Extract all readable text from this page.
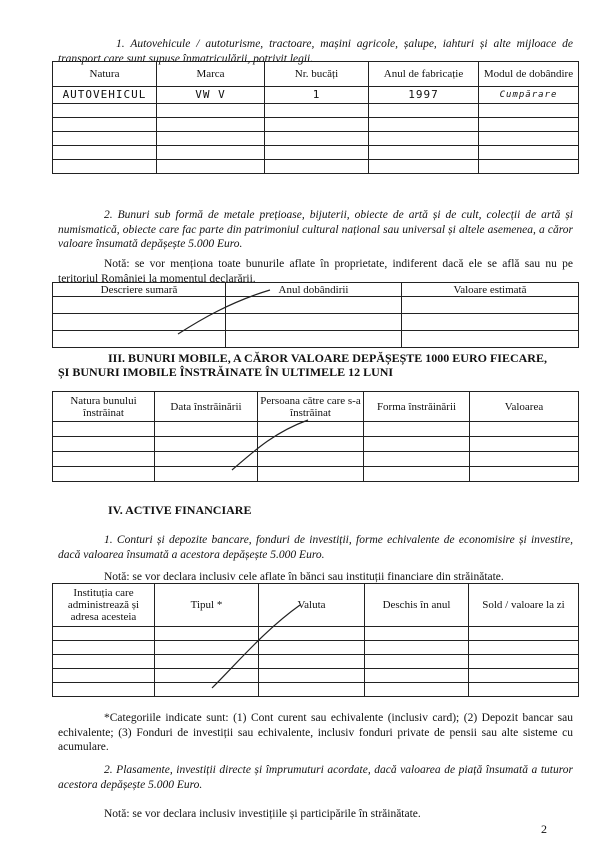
1. Autovehicule / autoturisme, tractoare, mașini agricole, șalupe, iahturi și alte mijloace de transport care sunt supuse înmatriculării, potrivit legii.
Natura	Marca	Nr. bucăți	Anul de fabricație	Modul de dobândire
AUTOVEHICUL	VW V	1	1997	Cumpărare

2. Bunuri sub formă de metale prețioase, bijuterii, obiecte de artă și de cult, colecții de artă și numismatică, obiecte care fac parte din patrimoniul cultural național sau universal și altele asemenea, a căror valoare însumată depășește 5.000 Euro.
Notă: se vor menționa toate bunurile aflate în proprietate, indiferent dacă ele se află sau nu pe teritoriul României la momentul declarării.
Descriere sumară	Anul dobândirii	Valoare estimată

III. BUNURI MOBILE, A CĂROR VALOARE DEPĂȘEȘTE 1000 EURO FIECARE,
ȘI BUNURI IMOBILE ÎNSTRĂINATE ÎN ULTIMELE 12 LUNI
Natura bunului înstrăinat	Data înstrăinării	Persoana către care s-a înstrăinat	Forma înstrăinării	Valoarea

IV. ACTIVE FINANCIARE
1. Conturi și depozite bancare, fonduri de investiții, forme echivalente de economisire și investire, dacă valoarea însumată a acestora depășește 5.000 Euro.
Notă: se vor declara inclusiv cele aflate în bănci sau instituții financiare din străinătate.
Instituția care administrează și adresa acesteia	Tipul *	Valuta	Deschis în anul	Sold / valoare la zi

*Categoriile indicate sunt: (1) Cont curent sau echivalente (inclusiv card); (2) Depozit bancar sau echivalente; (3) Fonduri de investiții sau echivalente, inclusiv fonduri private de pensii sau alte sisteme cu acumulare.
2. Plasamente, investiții directe și împrumuturi acordate, dacă valoarea de piață însumată a tuturor acestora depășește 5.000 Euro.
Notă: se vor declara inclusiv investițiile și participările în străinătate.
2
